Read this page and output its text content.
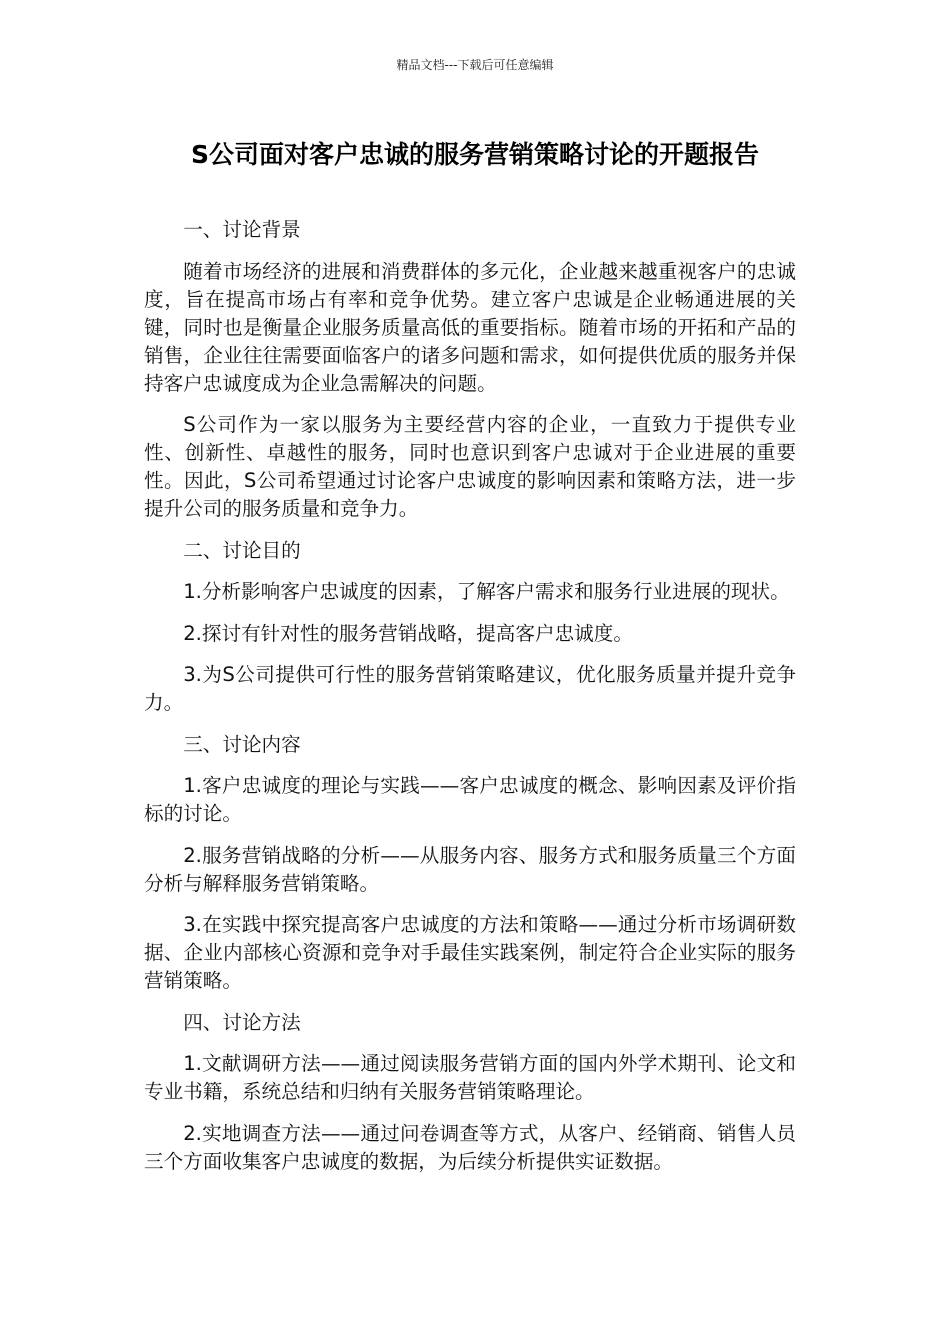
精品文档---下载后可任意编辑
S公司面对客户忠诚的服务营销策略讨论的开题报告

一、讨论背景

随着市场经济的进展和消费群体的多元化，企业越来越重视客户的忠诚度，旨在提高市场占有率和竞争优势。建立客户忠诚是企业畅通进展的关键，同时也是衡量企业服务质量高低的重要指标。随着市场的开拓和产品的销售，企业往往需要面临客户的诸多问题和需求，如何提供优质的服务并保持客户忠诚度成为企业急需解决的问题。

S公司作为一家以服务为主要经营内容的企业，一直致力于提供专业性、创新性、卓越性的服务，同时也意识到客户忠诚对于企业进展的重要性。因此，S公司希望通过讨论客户忠诚度的影响因素和策略方法，进一步提升公司的服务质量和竞争力。

二、讨论目的

1.分析影响客户忠诚度的因素，了解客户需求和服务行业进展的现状。

2.探讨有针对性的服务营销战略，提高客户忠诚度。

3.为S公司提供可行性的服务营销策略建议，优化服务质量并提升竞争力。

三、讨论内容

1.客户忠诚度的理论与实践——客户忠诚度的概念、影响因素及评价指标的讨论。

2.服务营销战略的分析——从服务内容、服务方式和服务质量三个方面分析与解释服务营销策略。

3.在实践中探究提高客户忠诚度的方法和策略——通过分析市场调研数据、企业内部核心资源和竞争对手最佳实践案例，制定符合企业实际的服务营销策略。

四、讨论方法

1.文献调研方法——通过阅读服务营销方面的国内外学术期刊、论文和专业书籍，系统总结和归纳有关服务营销策略理论。

2.实地调查方法——通过问卷调查等方式，从客户、经销商、销售人员三个方面收集客户忠诚度的数据，为后续分析提供实证数据。
